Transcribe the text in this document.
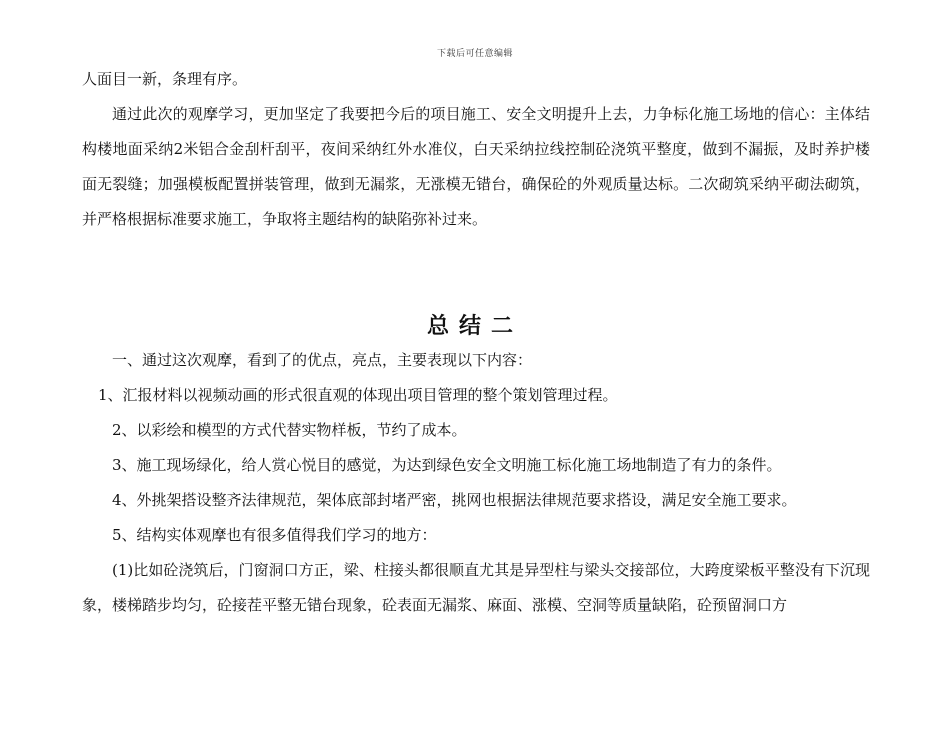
下载后可任意编辑
人面目一新，条理有序。
通过此次的观摩学习，更加坚定了我要把今后的项目施工、安全文明提升上去，力争标化施工场地的信心：主体结构楼地面采纳2米铝合金刮杆刮平，夜间采纳红外水准仪，白天采纳拉线控制砼浇筑平整度，做到不漏振，及时养护楼面无裂缝；加强模板配置拼装管理，做到无漏浆，无涨模无错台，确保砼的外观质量达标。二次砌筑采纳平砌法砌筑，并严格根据标准要求施工，争取将主题结构的缺陷弥补过来。
总结二
一、通过这次观摩，看到了的优点，亮点，主要表现以下内容：
1、汇报材料以视频动画的形式很直观的体现出项目管理的整个策划管理过程。
2、以彩绘和模型的方式代替实物样板，节约了成本。
3、施工现场绿化，给人赏心悦目的感觉，为达到绿色安全文明施工标化施工场地制造了有力的条件。
4、外挑架搭设整齐法律规范，架体底部封堵严密，挑网也根据法律规范要求搭设，满足安全施工要求。
5、结构实体观摩也有很多值得我们学习的地方：
(1)比如砼浇筑后，门窗洞口方正，梁、柱接头都很顺直尤其是异型柱与梁头交接部位，大跨度梁板平整没有下沉现象，楼梯踏步均匀，砼接茬平整无错台现象，砼表面无漏浆、麻面、涨模、空洞等质量缺陷，砼预留洞口方
